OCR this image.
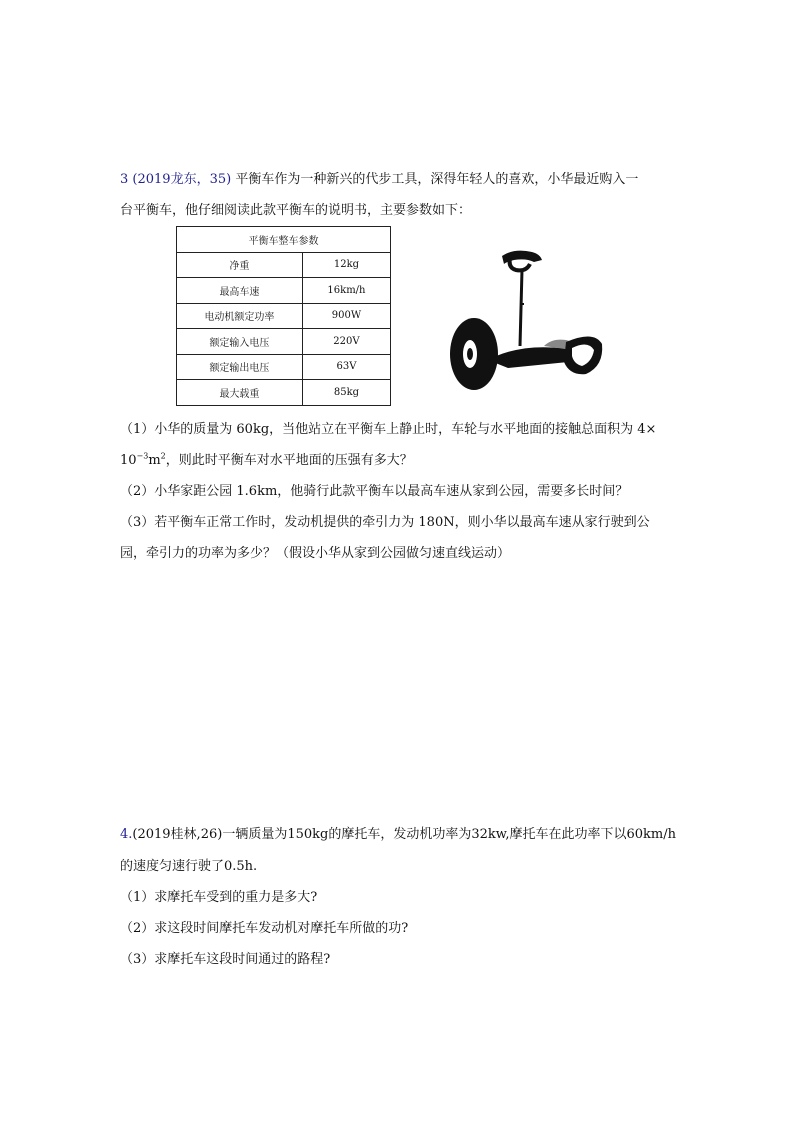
3 (2019龙东，35) 平衡车作为一种新兴的代步工具，深得年轻人的喜欢，小华最近购入一
台平衡车，他仔细阅读此款平衡车的说明书，主要参数如下：
平衡车整车参数	
净重	12kg
最高车速	16km/h
电动机额定功率	900W
额定输入电压	220V
额定输出电压	63V
最大载重	85kg
（1）小华的质量为 60kg，当他站立在平衡车上静止时，车轮与水平地面的接触总面积为 4×
$10^{-3}m^2$，则此时平衡车对水平地面的压强有多大？
（2）小华家距公园 1.6km，他骑行此款平衡车以最高车速从家到公园，需要多长时间？
（3）若平衡车正常工作时，发动机提供的牵引力为 180N，则小华以最高车速从家行驶到公
园，牵引力的功率为多少？（假设小华从家到公园做匀速直线运动）
4.(2019桂林,26)一辆质量为150kg的摩托车，发动机功率为32kw,摩托车在此功率下以60km/h
的速度匀速行驶了0.5h.
（1）求摩托车受到的重力是多大?
（2）求这段时间摩托车发动机对摩托车所做的功?
（3）求摩托车这段时间通过的路程?
